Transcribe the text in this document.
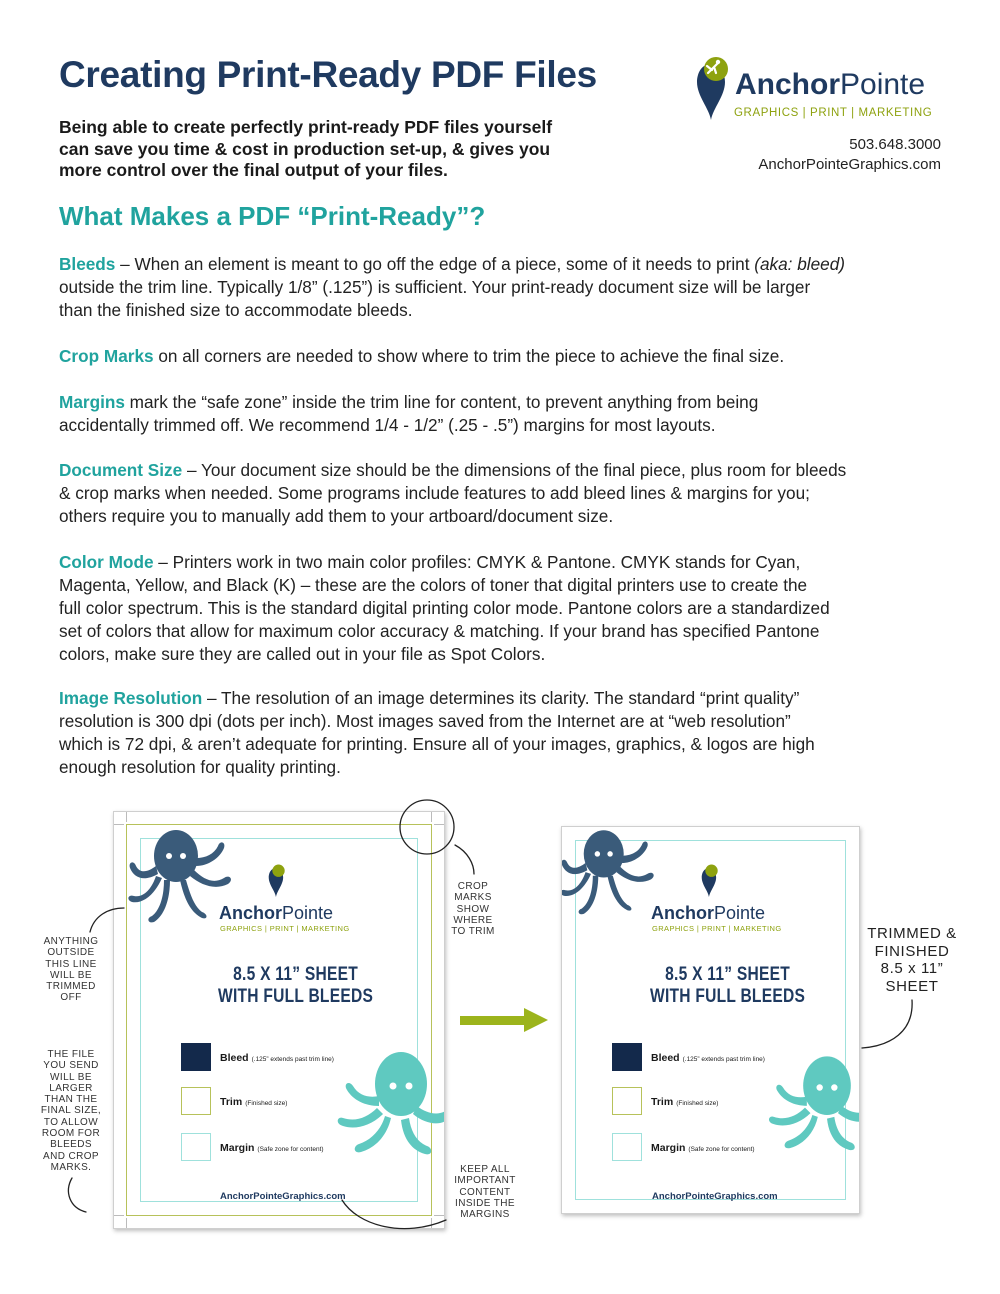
Creating Print-Ready PDF Files
Being able to create perfectly print-ready PDF files yourself
can save you time & cost in production set-up, & gives you
more control over the final output of your files.
AnchorPointe
GRAPHICS | PRINT | MARKETING
503.648.3000
AnchorPointeGraphics.com
What Makes a PDF “Print-Ready”?
Bleeds – When an element is meant to go off the edge of a piece, some of it needs to print (aka: bleed)
outside the trim line. Typically 1/8” (.125”) is sufficient. Your print-ready document size will be larger
than the finished size to accommodate bleeds.
Crop Marks on all corners are needed to show where to trim the piece to achieve the final size.
Margins mark the “safe zone” inside the trim line for content, to prevent anything from being
accidentally trimmed off. We recommend 1/4 - 1/2” (.25 - .5”) margins for most layouts.
Document Size – Your document size should be the dimensions of the final piece, plus room for bleeds
& crop marks when needed. Some programs include features to add bleed lines & margins for you;
others require you to manually add them to your artboard/document size.
Color Mode – Printers work in two main color profiles: CMYK & Pantone. CMYK stands for Cyan,
Magenta, Yellow, and Black (K) – these are the colors of toner that digital printers use to create the
full color spectrum. This is the standard digital printing color mode. Pantone colors are a standardized
set of colors that allow for maximum color accuracy & matching. If your brand has specified Pantone
colors, make sure they are called out in your file as Spot Colors.
Image Resolution – The resolution of an image determines its clarity. The standard “print quality”
resolution is 300 dpi (dots per inch). Most images saved from the Internet are at “web resolution”
which is 72 dpi, & aren’t adequate for printing. Ensure all of your images, graphics, & logos are high
enough resolution for quality printing.
AnchorPointe
GRAPHICS | PRINT | MARKETING
8.5 X 11” SHEET
WITH FULL BLEEDS
Bleed (.125” extends past trim line)
Trim (Finished size)
Margin (Safe zone for content)
AnchorPointeGraphics.com
AnchorPointe
GRAPHICS | PRINT | MARKETING
8.5 X 11” SHEET
WITH FULL BLEEDS
Bleed (.125” extends past trim line)
Trim (Finished size)
Margin (Safe zone for content)
AnchorPointeGraphics.com
ANYTHING
OUTSIDE
THIS LINE
WILL BE
TRIMMED
OFF
THE FILE
YOU SEND
WILL BE
LARGER
THAN THE
FINAL SIZE,
TO ALLOW
ROOM FOR
BLEEDS
AND CROP
MARKS.
CROP
MARKS
SHOW
WHERE
TO TRIM
KEEP ALL
IMPORTANT
CONTENT
INSIDE THE
MARGINS
TRIMMED &
FINISHED
8.5 x 11”
SHEET
